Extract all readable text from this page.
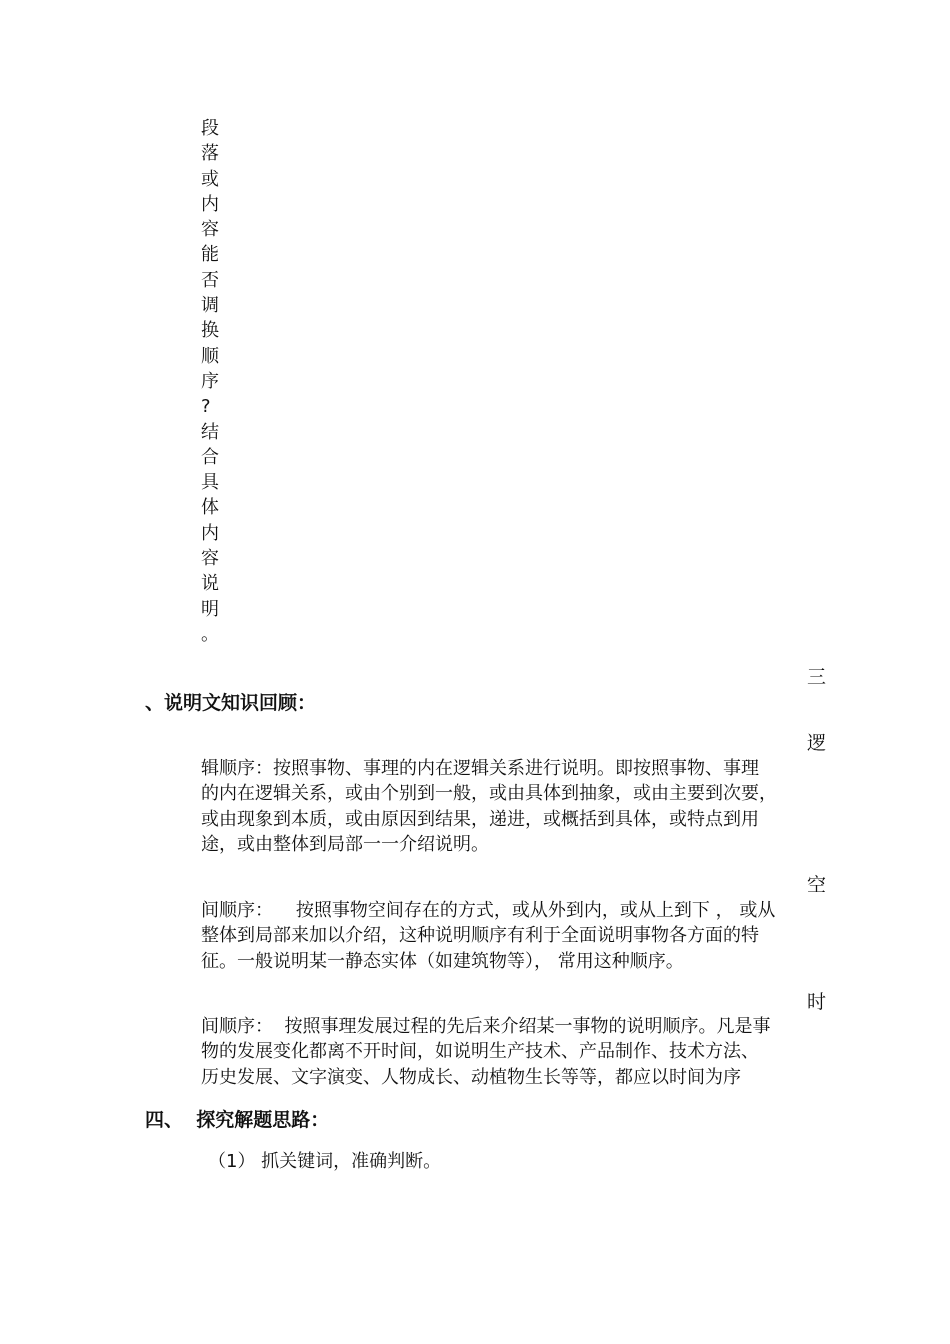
段
落
或
内
容
能
否
调
换
顺
序
?
结
合
具
体
内
容
说
明
。
三
、说明文知识回顾：
逻
辑顺序：按照事物、事理的内在逻辑关系进行说明。即按照事物、事理
的内在逻辑关系，或由个别到一般，或由具体到抽象，或由主要到次要，
或由现象到本质，或由原因到结果，递进，或概括到具体，或特点到用
途，或由整体到局部一一介绍说明。
空
间顺序：    按照事物空间存在的方式，或从外到内，或从上到下 ， 或从
整体到局部来加以介绍，这种说明顺序有利于全面说明事物各方面的特
征。一般说明某一静态实体（如建筑物等）， 常用这种顺序。
时
间顺序：  按照事理发展过程的先后来介绍某一事物的说明顺序。凡是事
物的发展变化都离不开时间，如说明生产技术、产品制作、技术方法、
历史发展、文字演变、人物成长、动植物生长等等，都应以时间为序
四、  探究解题思路：
（1） 抓关键词，准确判断。
